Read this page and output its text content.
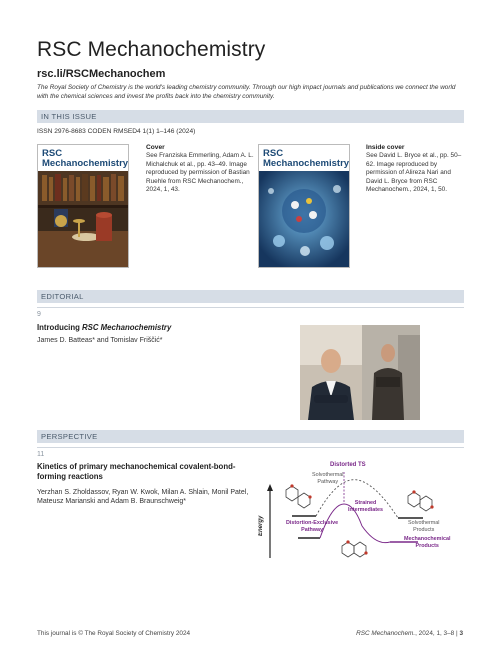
RSC Mechanochemistry
rsc.li/RSCMechanochem
The Royal Society of Chemistry is the world's leading chemistry community. Through our high impact journals and publications we connect the world with the chemical sciences and invest the profits back into the chemistry community.
IN THIS ISSUE
ISSN 2976-8683 CODEN RMSED4 1(1) 1–146 (2024)
RSC Mechanochemistry
Cover
See Franziska Emmerling, Adam A. L. Michalchuk et al., pp. 43–49. Image reproduced by permission of Bastian Ruehle from RSC Mechanochem., 2024, 1, 43.
RSC Mechanochemistry
Inside cover
See David L. Bryce et al., pp. 50–62. Image reproduced by permission of Alireza Nari and David L. Bryce from RSC Mechanochem., 2024, 1, 50.
EDITORIAL
9
Introducing RSC Mechanochemistry
James D. Batteas* and Tomislav Friščić*
PERSPECTIVE
11
Kinetics of primary mechanochemical covalent-bond-forming reactions
Yerzhan S. Zholdassov, Ryan W. Kwok, Milan A. Shlain, Monil Patel, Mateusz Marianski and Adam B. Braunschweig*
Energy
Distorted TS
Solvothermal
Pathway
Strained
Intermediates
Distortion-Exclusive
Pathway
Solvothermal
Products
Mechanochemical
Products
This journal is © The Royal Society of Chemistry 2024	RSC Mechanochem., 2024, 1, 3–8 | 3
